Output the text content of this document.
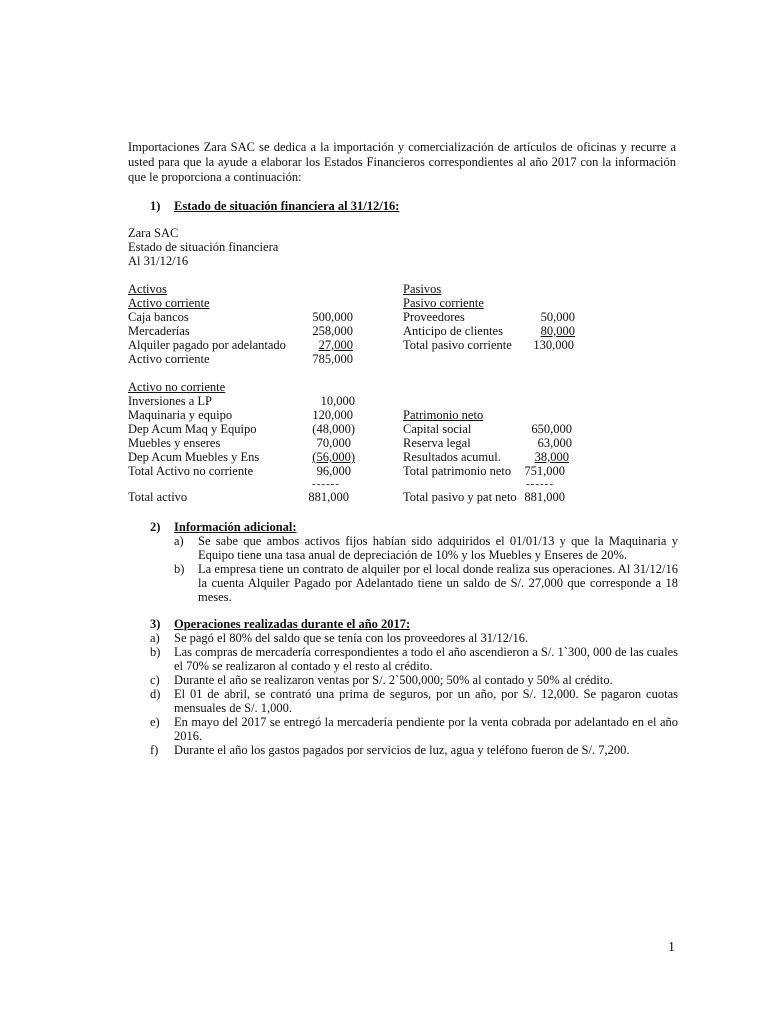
Importaciones Zara SAC se dedica a la importación y comercialización de artículos de oficinas y recurre a usted para que la ayude a elaborar los Estados Financieros correspondientes al año 2017 con la información que le proporciona a continuación:

1) Estado de situación financiera al 31/12/16:
Zara SAC
Estado de situación financiera
Al 31/12/16
Activos
Activo corriente
Caja bancos	500,000
Mercaderías	258,000
Alquiler pagado por adelantado	27,000
Activo corriente	785,000
Activo no corriente
Inversiones a LP	10,000
Maquinaria y equipo	120,000
Dep Acum Maq y Equipo	(48,000)
Muebles y enseres	70,000
Dep Acum Muebles y Ens	(56,000)
Total Activo no corriente	96,000
------
Total activo	881,000
Pasivos
Pasivo corriente
Proveedores	50,000
Anticipo de clientes	80,000
Total pasivo corriente	130,000
Patrimonio neto
Capital social	650,000
Reserva legal	63,000
Resultados acumul.	38,000
Total patrimonio neto	751,000
------
Total pasivo y pat neto 881,000
2) Información adicional:
a) Se sabe que ambos activos fijos habían sido adquiridos el 01/01/13 y que la Maquinaria y Equipo tiene una tasa anual de depreciación de 10% y los Muebles y Enseres de 20%.
b) La empresa tiene un contrato de alquiler por el local donde realiza sus operaciones. Al 31/12/16 la cuenta Alquiler Pagado por Adelantado tiene un saldo de S/. 27,000 que corresponde a 18 meses.
3) Operaciones realizadas durante el año 2017:
a) Se pagó el 80% del saldo que se tenía con los proveedores al 31/12/16.
b) Las compras de mercadería correspondientes a todo el año ascendieron a S/. 1`300, 000 de las cuales el 70% se realizaron al contado y el resto al crédito.
c) Durante el año se realizaron ventas por S/. 2`500,000; 50% al contado y 50% al crédito.
d) El 01 de abril, se contrató una prima de seguros, por un año, por S/. 12,000. Se pagaron cuotas mensuales de S/. 1,000.
e) En mayo del 2017 se entregó la mercadería pendiente por la venta cobrada por adelantado en el año 2016.
f) Durante el año los gastos pagados por servicios de luz, agua y teléfono fueron de S/. 7,200.
1
